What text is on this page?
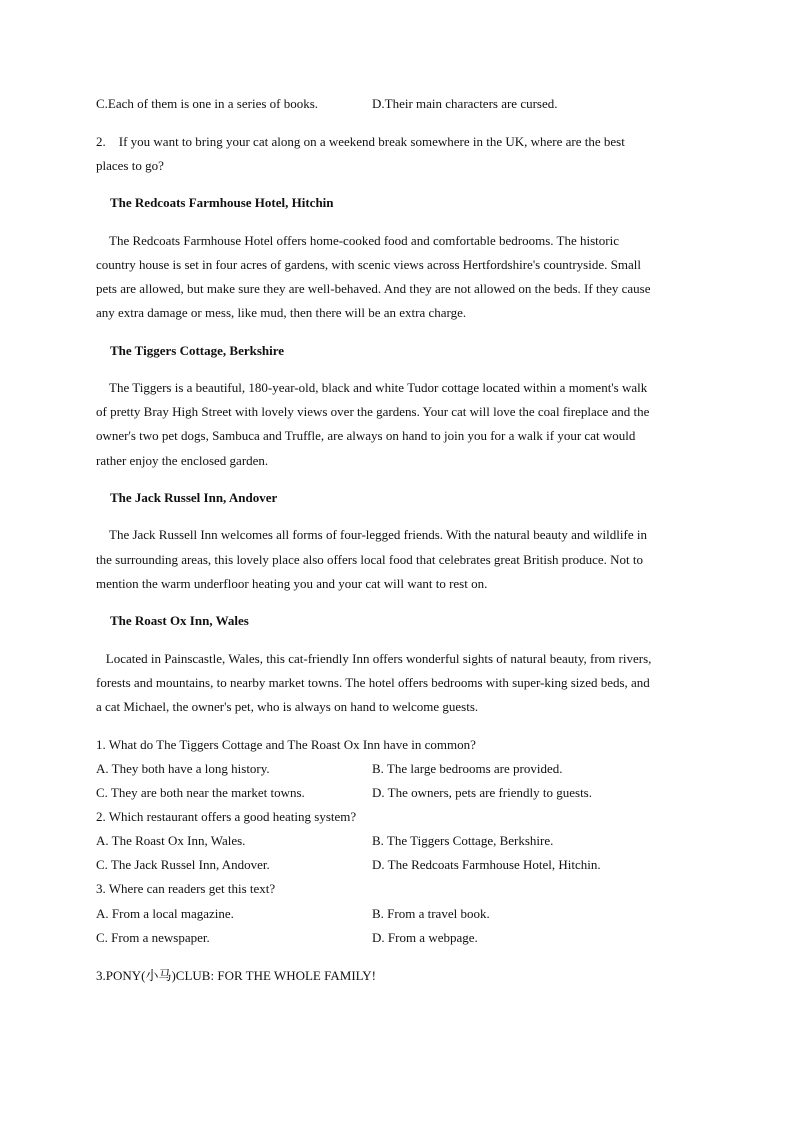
C.Each of them is one in a series of books.	D.Their main characters are cursed.
2.    If you want to bring your cat along on a weekend break somewhere in the UK, where are the best
places to go?
The Redcoats Farmhouse Hotel, Hitchin
The Redcoats Farmhouse Hotel offers home-cooked food and comfortable bedrooms. The historic
country house is set in four acres of gardens, with scenic views across Hertfordshire's countryside. Small
pets are allowed, but make sure they are well-behaved. And they are not allowed on the beds. If they cause
any extra damage or mess, like mud, then there will be an extra charge.
The Tiggers Cottage, Berkshire
The Tiggers is a beautiful, 180-year-old, black and white Tudor cottage located within a moment's walk
of pretty Bray High Street with lovely views over the gardens. Your cat will love the coal fireplace and the
owner's two pet dogs, Sambuca and Truffle, are always on hand to join you for a walk if your cat would
rather enjoy the enclosed garden.
The Jack Russel Inn, Andover
The Jack Russell Inn welcomes all forms of four-legged friends. With the natural beauty and wildlife in
the surrounding areas, this lovely place also offers local food that celebrates great British produce. Not to
mention the warm underfloor heating you and your cat will want to rest on.
The Roast Ox Inn, Wales
Located in Painscastle, Wales, this cat-friendly Inn offers wonderful sights of natural beauty, from rivers,
forests and mountains, to nearby market towns. The hotel offers bedrooms with super-king sized beds, and
a cat Michael, the owner's pet, who is always on hand to welcome guests.
1. What do The Tiggers Cottage and The Roast Ox Inn have in common?
A. They both have a long history.	B. The large bedrooms are provided.
C. They are both near the market towns.	D. The owners, pets are friendly to guests.
2. Which restaurant offers a good heating system?
A. The Roast Ox Inn, Wales.	B. The Tiggers Cottage, Berkshire.
C. The Jack Russel Inn, Andover.	D. The Redcoats Farmhouse Hotel, Hitchin.
3. Where can readers get this text?
A. From a local magazine.	B. From a travel book.
C. From a newspaper.	D. From a webpage.
3.PONY(小马)CLUB: FOR THE WHOLE FAMILY!
